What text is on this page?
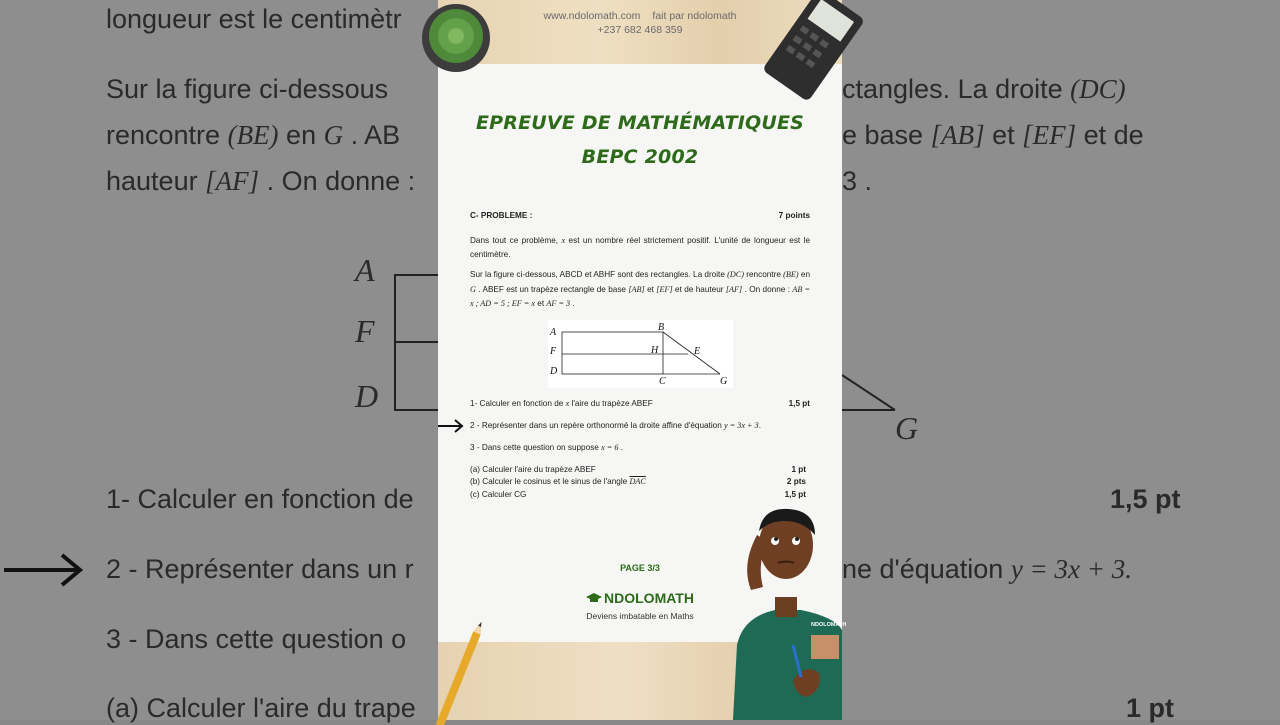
longueur est le centimètr
Sur la figure ci-dessous	ctangles. La droite (DC)
rencontre (BE) en G . AB	e base [AB] et [EF] et de
hauteur [AF] . On donne :	3 .
A
F
D
G
1- Calculer en fonction de	1,5 pt
2 - Représenter dans un r	ne d'équation y = 3x + 3.
3 - Dans cette question o
(a) Calculer l'aire du trape	1 pt
www.ndolomath.com fait par ndolomath
+237 682 468 359
EPREUVE DE MATHÉMATIQUES
BEPC 2002
C- PROBLEME :	7 points
Dans tout ce problème, x est un nombre réel strictement positif. L'unité de longueur est le centimètre.
Sur la figure ci-dessous, ABCD et ABHF sont des rectangles. La droite (DC) rencontre (BE) en G . ABEF est un trapèze rectangle de base [AB] et [EF] et de hauteur [AF] . On donne : AB = x ; AD = 5 ; EF = x et AF = 3 .
A	B
F	H	E
D
C	G
1- Calculer en fonction de x l'aire du trapèze ABEF	1,5 pt
2 - Représenter dans un repère orthonormé la droite affine d'équation y = 3x + 3.
3 - Dans cette question on suppose x = 6 .
(a) Calculer l'aire du trapèze ABEF	1 pt
(b) Calculer le cosinus et le sinus de l'angle $\overline{DAC}$	2 pts
(c) Calculer CG	1,5 pt
PAGE 3/3
NDOLOMATH
Deviens imbatable en Maths
NDOLOMATH
